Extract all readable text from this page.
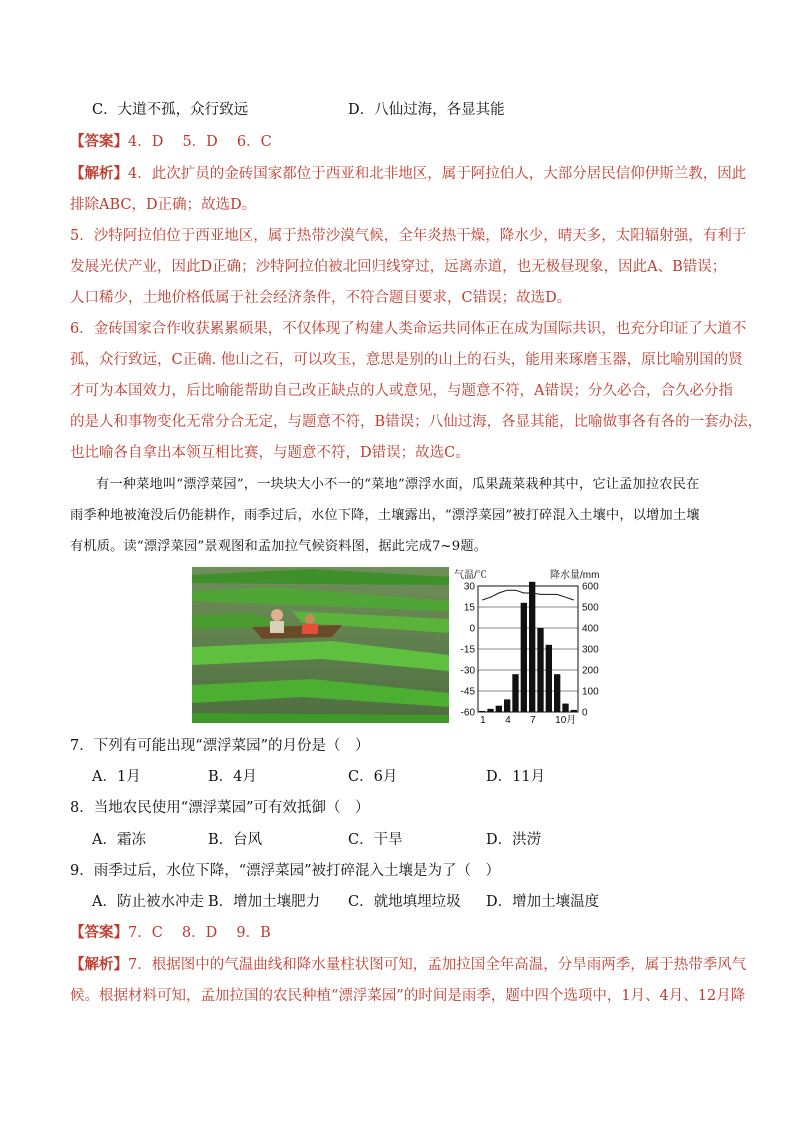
C．大道不孤，众行致远	D．八仙过海，各显其能
【答案】4．D　 5．D　 6．C
【解析】4．此次扩员的金砖国家都位于西亚和北非地区，属于阿拉伯人，大部分居民信仰伊斯兰教，因此
排除ABC，D正确；故选D。
5．沙特阿拉伯位于西亚地区，属于热带沙漠气候，全年炎热干燥，降水少，晴天多，太阳辐射强，有利于
发展光伏产业，因此D正确；沙特阿拉伯被北回归线穿过，远离赤道，也无极昼现象，因此A、B错误；
人口稀少，土地价格低属于社会经济条件，不符合题目要求，C错误；故选D。
6．金砖国家合作收获累累硕果，不仅体现了构建人类命运共同体正在成为国际共识，也充分印证了大道不
孤，众行致远，C正确. 他山之石，可以攻玉，意思是别的山上的石头，能用来琢磨玉器，原比喻别国的贤
才可为本国效力，后比喻能帮助自己改正缺点的人或意见，与题意不符，A错误；分久必合，合久必分指
的是人和事物变化无常分合无定，与题意不符，B错误；八仙过海，各显其能，比喻做事各有各的一套办法，
也比喻各自拿出本领互相比赛，与题意不符，D错误；故选C。
有一种菜地叫“漂浮菜园”，一块块大小不一的“菜地”漂浮水面，瓜果蔬菜栽种其中，它让孟加拉农民在
雨季种地被淹没后仍能耕作，雨季过后，水位下降，土壤露出，“漂浮菜园”被打碎混入土壤中，以增加土壤
有机质。读“漂浮菜园”景观图和孟加拉气候资料图，据此完成7~9题。
气温/℃	降水量/mm
30
15
0
-15
-30
-45
-60
600
500
400
300
200
100
0
1 4 7 10月
7．下列有可能出现“漂浮菜园”的月份是（　）
A．1月	B．4月	C．6月	D．11月
8．当地农民使用“漂浮菜园”可有效抵御（　）
A．霜冻	B．台风	C．干旱	D．洪涝
9．雨季过后，水位下降，“漂浮菜园”被打碎混入土壤是为了（　）
A．防止被水冲走 B．增加土壤肥力 C．就地填埋垃圾 D．增加土壤温度
【答案】7．C　 8．D　 9．B
【解析】7．根据图中的气温曲线和降水量柱状图可知，孟加拉国全年高温，分旱雨两季，属于热带季风气
候。根据材料可知，孟加拉国的农民种植“漂浮菜园”的时间是雨季，题中四个选项中，1月、4月、12月降
